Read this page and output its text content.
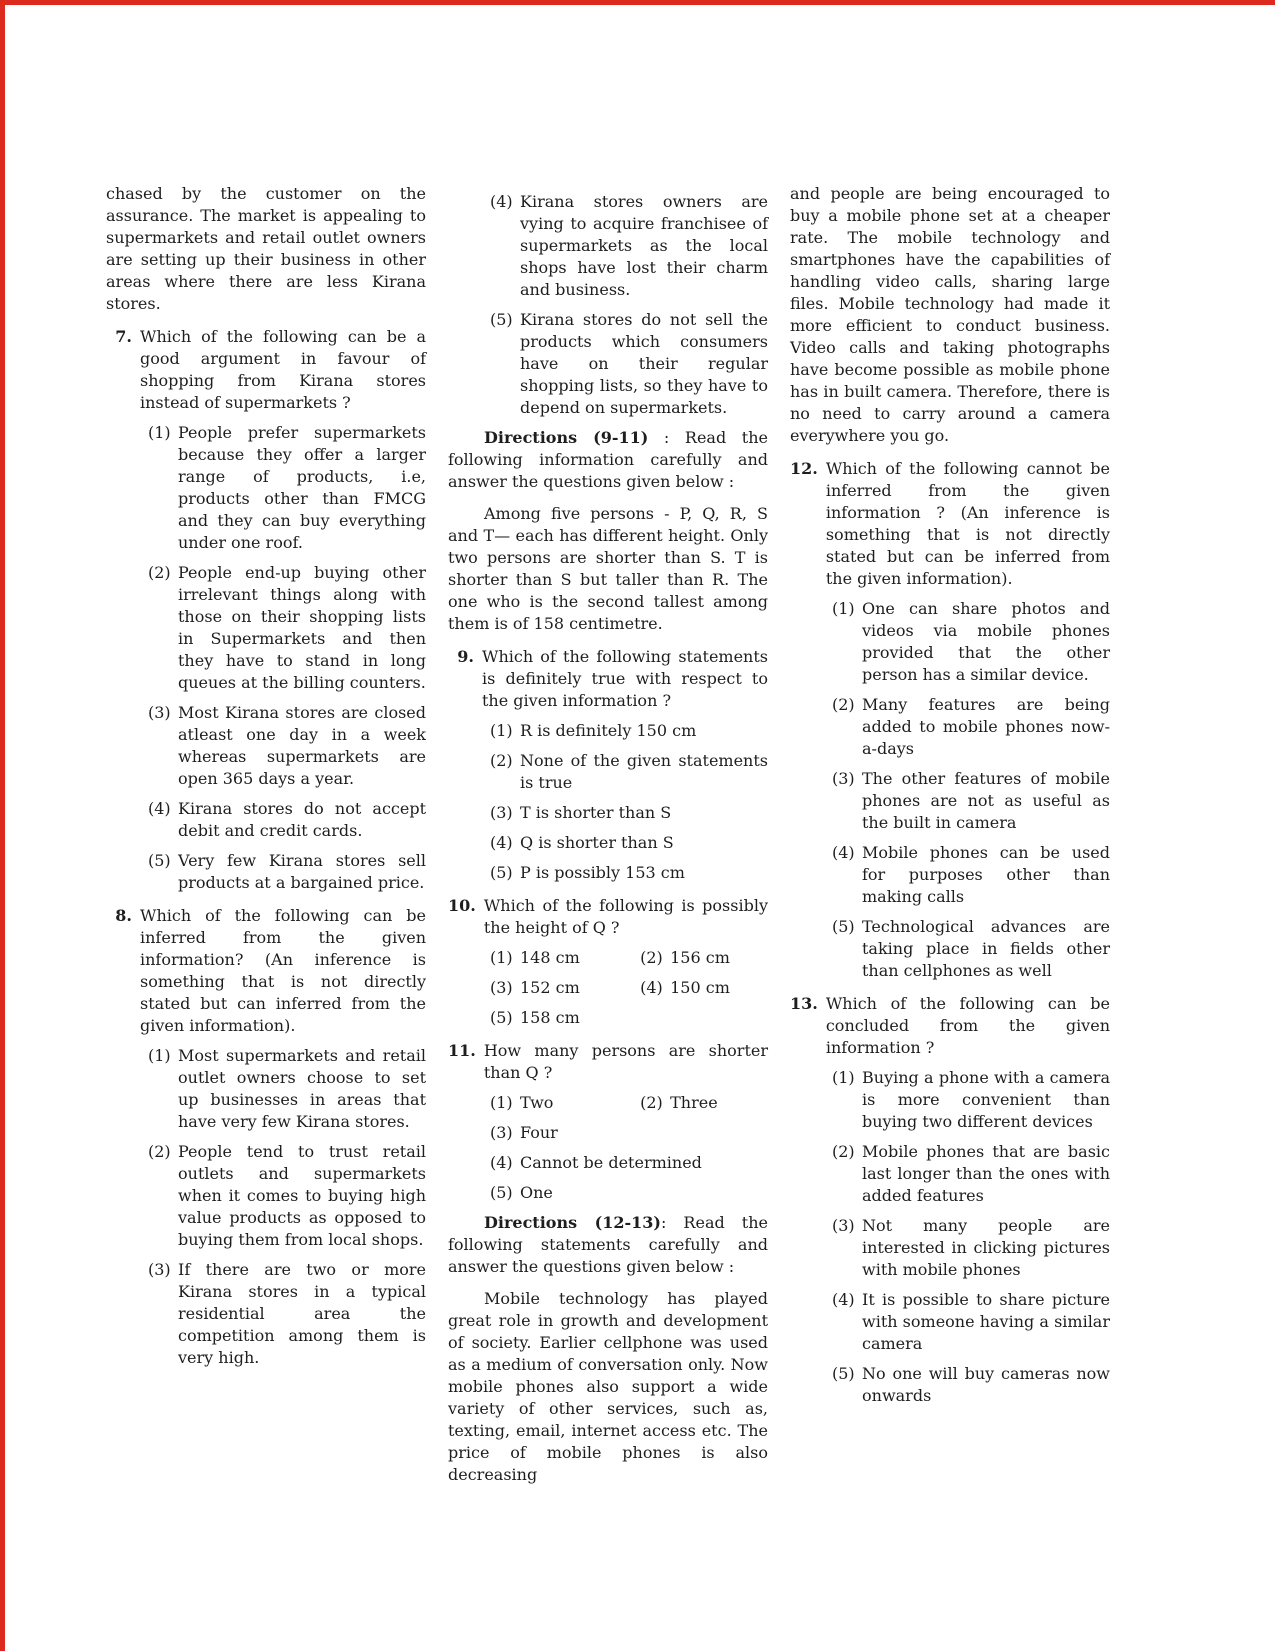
chased by the customer on the assurance. The market is appealing to supermarkets and retail outlet owners are setting up their business in other areas where there are less Kirana stores.

7. Which of the following can be a good argument in favour of shopping from Kirana stores instead of supermarkets ?
(1) People prefer supermarkets because they offer a larger range of products, i.e, products other than FMCG and they can buy everything under one roof.
(2) People end-up buying other irrelevant things along with those on their shopping lists in Supermarkets and then they have to stand in long queues at the billing counters.
(3) Most Kirana stores are closed atleast one day in a week whereas supermarkets are open 365 days a year.
(4) Kirana stores do not accept debit and credit cards.
(5) Very few Kirana stores sell products at a bargained price.
8. Which of the following can be inferred from the given information? (An inference is something that is not directly stated but can inferred from the given information).
(1) Most supermarkets and retail outlet owners choose to set up businesses in areas that have very few Kirana stores.
(2) People tend to trust retail outlets and supermarkets when it comes to buying high value products as opposed to buying them from local shops.
(3) If there are two or more Kirana stores in a typical residential area the competition among them is very high.
(4) Kirana stores owners are vying to acquire franchisee of supermarkets as the local shops have lost their charm and business.
(5) Kirana stores do not sell the products which consumers have on their regular shopping lists, so they have to depend on supermarkets.

Directions (9-11) : Read the following information carefully and answer the questions given below :

Among five persons - P, Q, R, S and T— each has different height. Only two persons are shorter than S. T is shorter than S but taller than R. The one who is the second tallest among them is of 158 centimetre.

9. Which of the following statements is definitely true with respect to the given information ?
(1) R is definitely 150 cm
(2) None of the given statements is true
(3) T is shorter than S
(4) Q is shorter than S
(5) P is possibly 153 cm
10. Which of the following is possibly the height of Q ?
(1) 148 cm	(2) 156 cm
(3) 152 cm	(4) 150 cm
(5) 158 cm
11. How many persons are shorter than Q ?
(1) Two	(2) Three
(3) Four
(4) Cannot be determined
(5) One

Directions (12-13): Read the following statements carefully and answer the questions given below :

Mobile technology has played great role in growth and development of society. Earlier cellphone was used as a medium of conversation only. Now mobile phones also support a wide variety of other services, such as, texting, email, internet access etc. The price of mobile phones is also decreasing

and people are being encouraged to buy a mobile phone set at a cheaper rate. The mobile technology and smartphones have the capabilities of handling video calls, sharing large files. Mobile technology had made it more efficient to conduct business. Video calls and taking photographs have become possible as mobile phone has in built camera. Therefore, there is no need to carry around a camera everywhere you go.

12. Which of the following cannot be inferred from the given information ? (An inference is something that is not directly stated but can be inferred from the given information).
(1) One can share photos and videos via mobile phones provided that the other person has a similar device.
(2) Many features are being added to mobile phones now-a-days
(3) The other features of mobile phones are not as useful as the built in camera
(4) Mobile phones can be used for purposes other than making calls
(5) Technological advances are taking place in fields other than cellphones as well
13. Which of the following can be concluded from the given information ?
(1) Buying a phone with a camera is more convenient than buying two different devices
(2) Mobile phones that are basic last longer than the ones with added features
(3) Not many people are interested in clicking pictures with mobile phones
(4) It is possible to share picture with someone having a similar camera
(5) No one will buy cameras now onwards
